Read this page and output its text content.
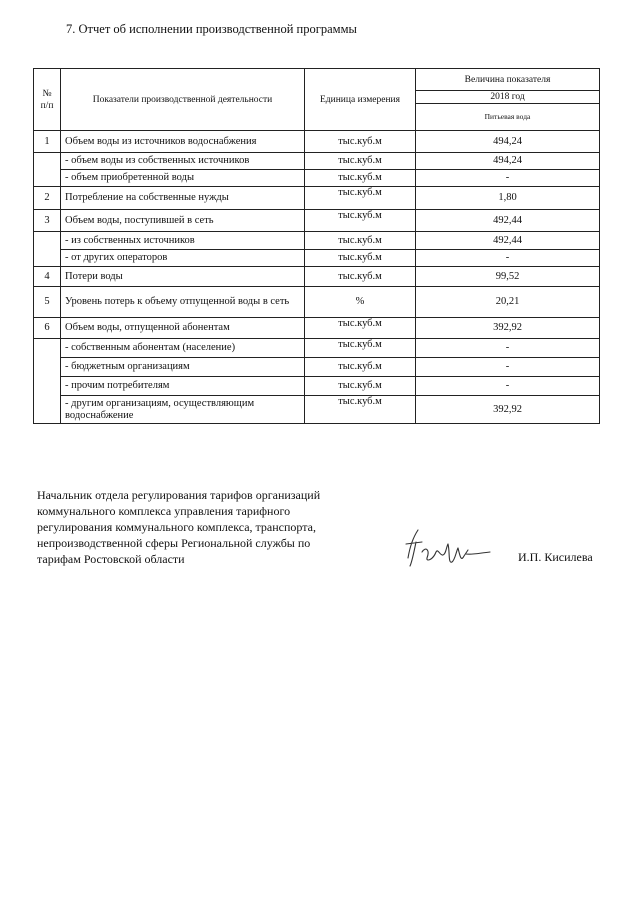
7. Отчет об исполнении производственной программы
№ п/п	Показатели производственной деятельности	Единица измерения	Величина показателя
			2018 год
			Питьевая вода
1	Объем воды из источников водоснабжения	тыс.куб.м	494,24
	- объем воды из собственных источников	тыс.куб.м	494,24
	- объем приобретенной воды	тыс.куб.м	-
2	Потребление на собственные нужды	тыс.куб.м	1,80
3	Объем воды, поступившей в сеть	тыс.куб.м	492,44
	- из собственных источников	тыс.куб.м	492,44
	- от других операторов	тыс.куб.м	-
4	Потери воды	тыс.куб.м	99,52
5	Уровень потерь к объему отпущенной воды в сеть	%	20,21
6	Объем воды, отпущенной абонентам	тыс.куб.м	392,92
	- собственным абонентам (население)	тыс.куб.м	-
	- бюджетным организациям	тыс.куб.м	-
	- прочим потребителям	тыс.куб.м	-
	- другим организациям, осуществляющим водоснабжение	тыс.куб.м	392,92
Начальник отдела регулирования тарифов организаций
коммунального комплекса управления тарифного
регулирования коммунального комплекса, транспорта,
непроизводственной сферы Региональной службы по
тарифам Ростовской области	И.П. Кисилева
